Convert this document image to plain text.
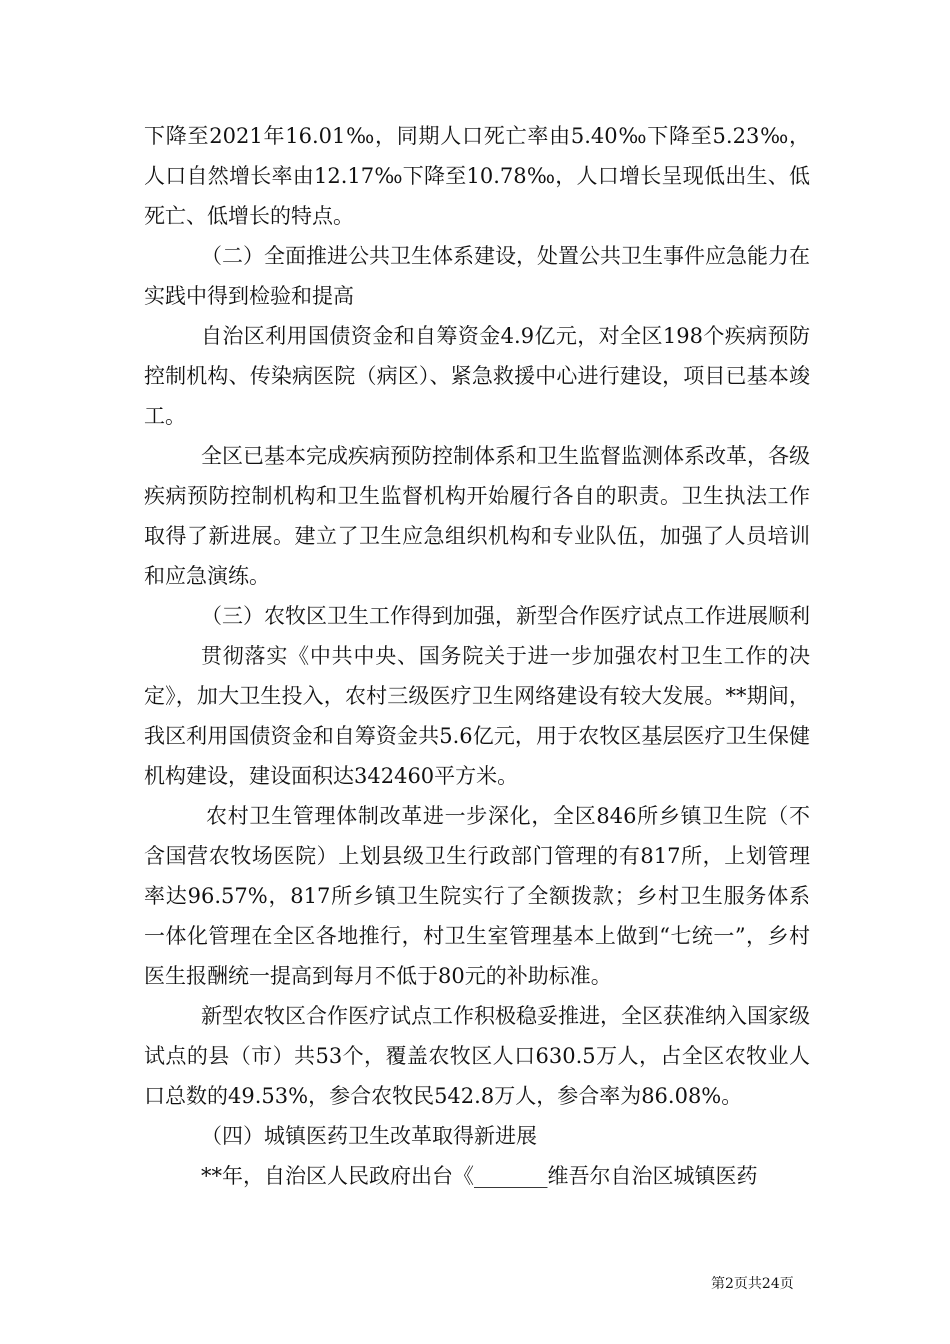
下降至2021年16.01‰，同期人口死亡率由5.40‰下降至5.23‰，人口自然增长率由12.17‰下降至10.78‰，人口增长呈现低出生、低死亡、低增长的特点。

（二）全面推进公共卫生体系建设，处置公共卫生事件应急能力在实践中得到检验和提高

自治区利用国债资金和自筹资金4.9亿元，对全区198个疾病预防控制机构、传染病医院（病区）、紧急救援中心进行建设，项目已基本竣工。

全区已基本完成疾病预防控制体系和卫生监督监测体系改革，各级疾病预防控制机构和卫生监督机构开始履行各自的职责。卫生执法工作取得了新进展。建立了卫生应急组织机构和专业队伍，加强了人员培训和应急演练。

（三）农牧区卫生工作得到加强，新型合作医疗试点工作进展顺利

贯彻落实《中共中央、国务院关于进一步加强农村卫生工作的决定》，加大卫生投入，农村三级医疗卫生网络建设有较大发展。**期间，我区利用国债资金和自筹资金共5.6亿元，用于农牧区基层医疗卫生保健机构建设，建设面积达342460平方米。

农村卫生管理体制改革进一步深化，全区846所乡镇卫生院（不含国营农牧场医院）上划县级卫生行政部门管理的有817所，上划管理率达96.57%，817所乡镇卫生院实行了全额拨款；乡村卫生服务体系一体化管理在全区各地推行，村卫生室管理基本上做到“七统一”，乡村医生报酬统一提高到每月不低于80元的补助标准。

新型农牧区合作医疗试点工作积极稳妥推进，全区获准纳入国家级试点的县（市）共53个，覆盖农牧区人口630.5万人，占全区农牧业人口总数的49.53%，参合农牧民542.8万人，参合率为86.08%。

（四）城镇医药卫生改革取得新进展

**年，自治区人民政府出台《_______维吾尔自治区城镇医药

第2页共24页
